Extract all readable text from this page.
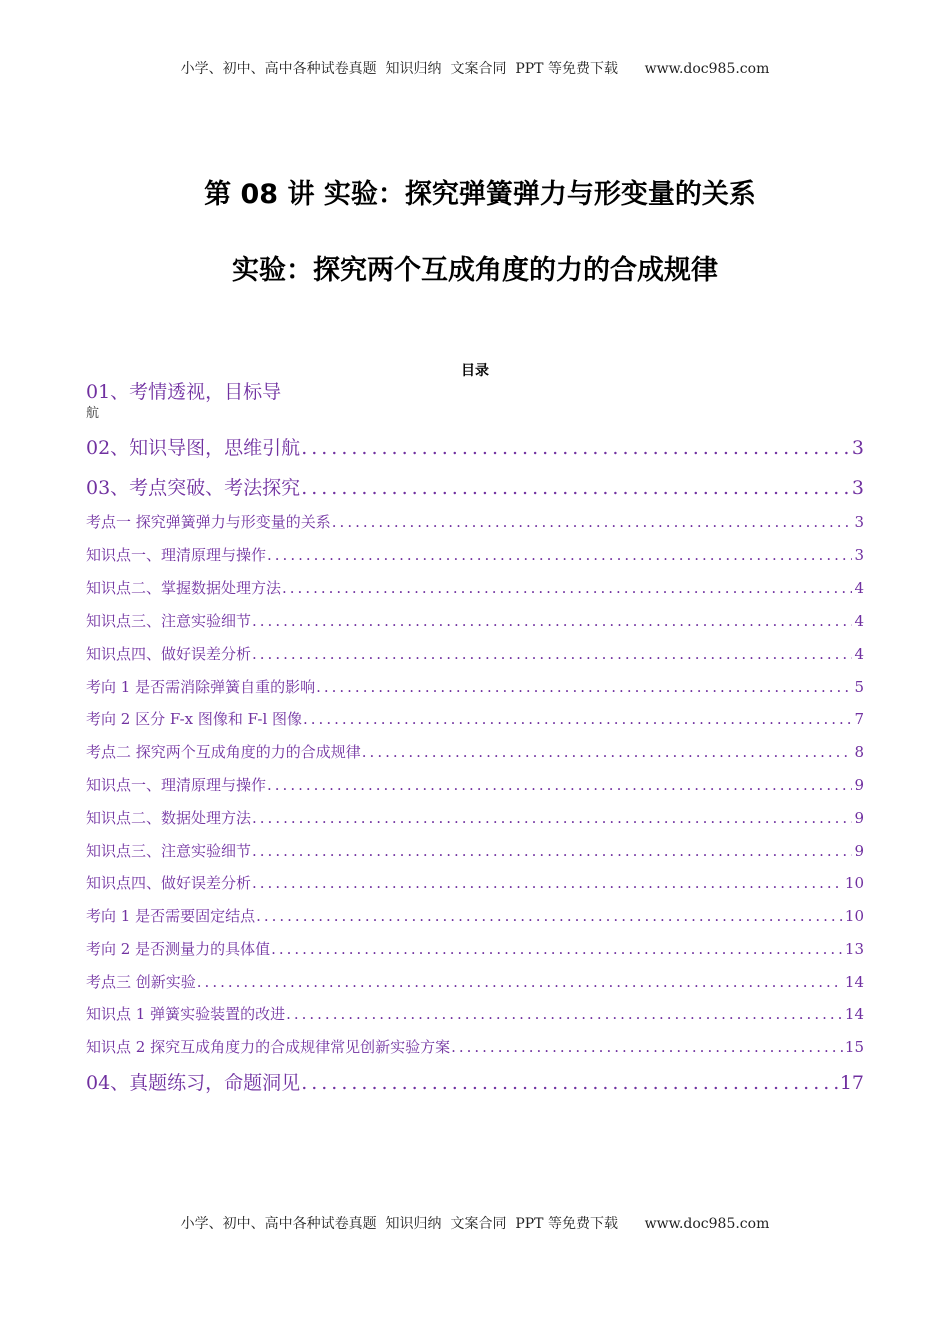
小学、初中、高中各种试卷真题  知识归纳  文案合同  PPT 等免费下载      www.doc985.com
第 08 讲 实验：探究弹簧弹力与形变量的关系
实验：探究两个互成角度的力的合成规律
目录
01、考情透视，目标导
航
02、知识导图，思维引航 .....	3
03、考点突破、考法探究 .....	3
考点一 探究弹簧弹力与形变量的关系 .....	3
知识点一、理清原理与操作 .....	3
知识点二、掌握数据处理方法 .....	4
知识点三、注意实验细节 .....	4
知识点四、做好误差分析 .....	4
考向 1 是否需消除弹簧自重的影响 .....	5
考向 2 区分 F-x 图像和 F-l 图像 .....	7
考点二 探究两个互成角度的力的合成规律 .....	8
知识点一、理清原理与操作 .....	9
知识点二、数据处理方法 .....	9
知识点三、注意实验细节 .....	9
知识点四、做好误差分析 .....	10
考向 1 是否需要固定结点 .....	10
考向 2 是否测量力的具体值 .....	13
考点三 创新实验 .....	14
知识点 1 弹簧实验装置的改进 .....	14
知识点 2 探究互成角度力的合成规律常见创新实验方案 .....	15
04、真题练习，命题洞见 .....	17
小学、初中、高中各种试卷真题  知识归纳  文案合同  PPT 等免费下载      www.doc985.com
